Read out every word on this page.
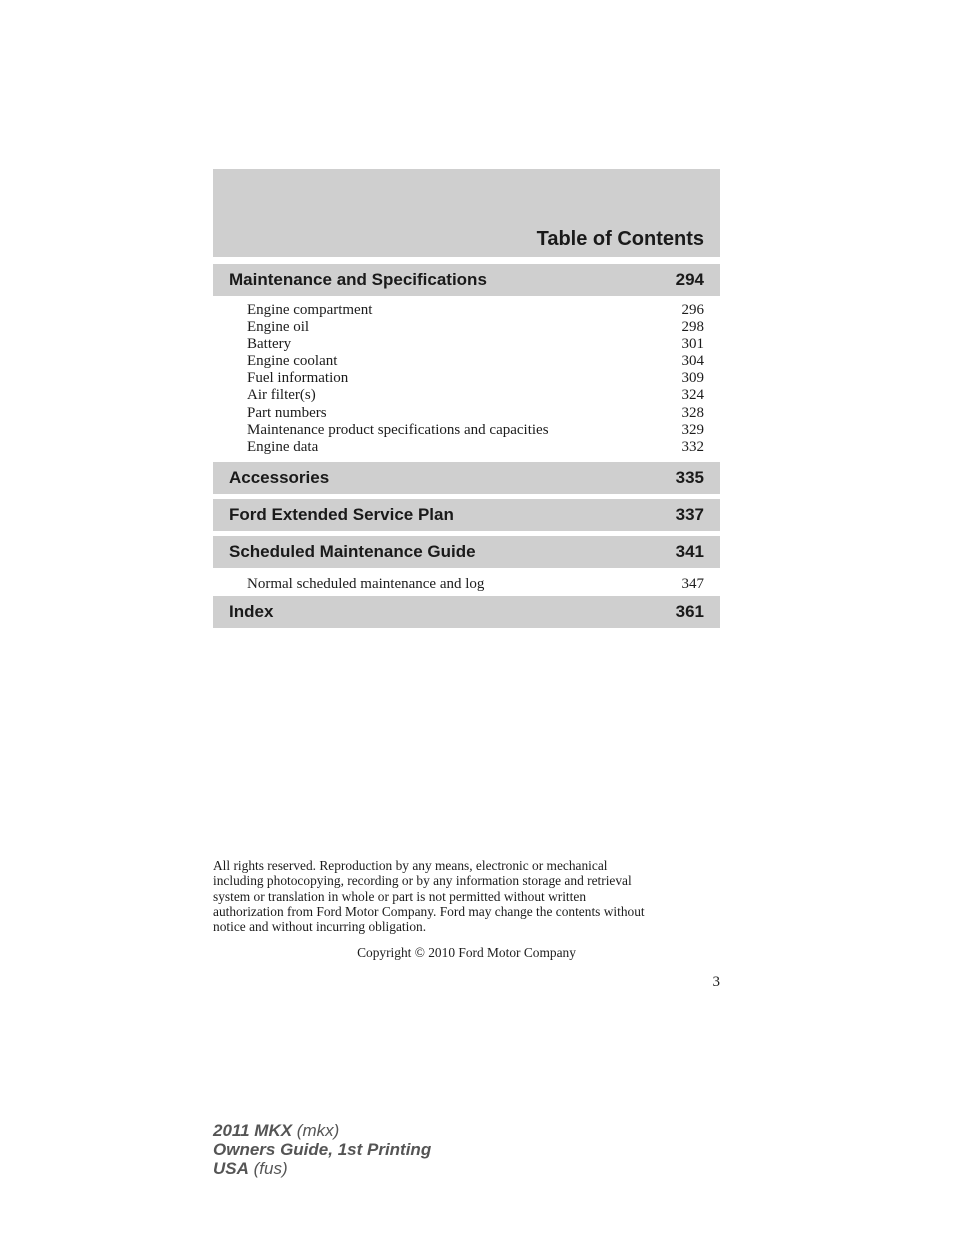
Table of Contents
Maintenance and Specifications	294
Engine compartment	296
Engine oil	298
Battery	301
Engine coolant	304
Fuel information	309
Air filter(s)	324
Part numbers	328
Maintenance product specifications and capacities	329
Engine data	332
Accessories	335
Ford Extended Service Plan	337
Scheduled Maintenance Guide	341
Normal scheduled maintenance and log	347
Index	361
All rights reserved. Reproduction by any means, electronic or mechanical
including photocopying, recording or by any information storage and retrieval
system or translation in whole or part is not permitted without written
authorization from Ford Motor Company. Ford may change the contents without
notice and without incurring obligation.
Copyright © 2010 Ford Motor Company
3
2011 MKX (mkx)
Owners Guide, 1st Printing
USA (fus)
